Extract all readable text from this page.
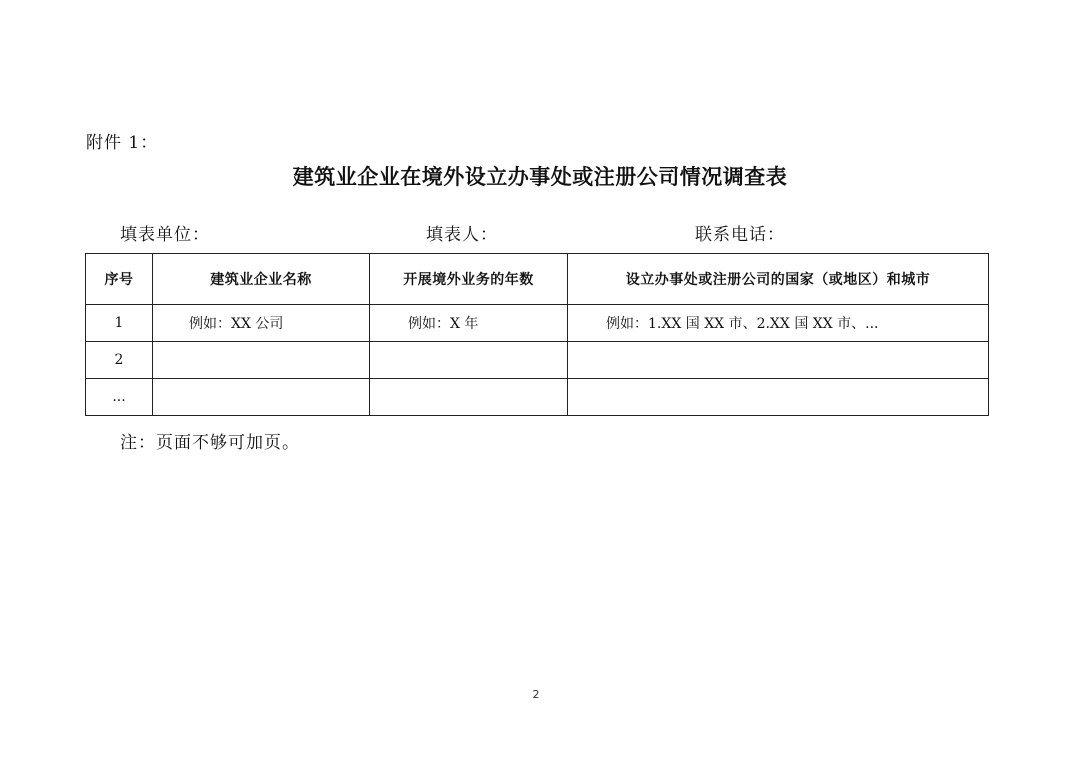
附件 1：
建筑业企业在境外设立办事处或注册公司情况调查表
填表单位：	填表人：	联系电话：
序号	建筑业企业名称	开展境外业务的年数	设立办事处或注册公司的国家（或地区）和城市
1	例如：XX 公司	例如：X 年	例如：1.XX 国 XX 市、2.XX 国 XX 市、...
2			
...			
注：页面不够可加页。
2
